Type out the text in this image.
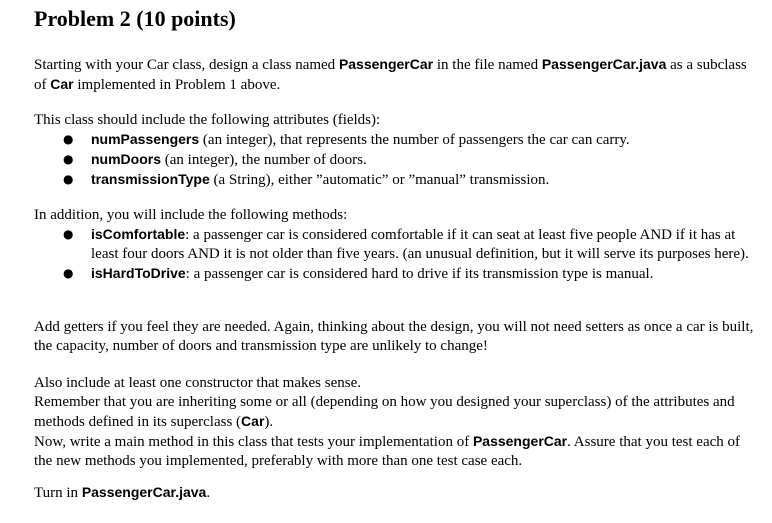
Problem 2 (10 points)

Starting with your Car class, design a class named PassengerCar in the file named PassengerCar.java as a subclass of Car implemented in Problem 1 above.

This class should include the following attributes (fields):

● numPassengers (an integer), that represents the number of passengers the car can carry.
● numDoors (an integer), the number of doors.
● transmissionType (a String), either ”automatic” or ”manual” transmission.

In addition, you will include the following methods:

● isComfortable: a passenger car is considered comfortable if it can seat at least five people AND if it has at least four doors AND it is not older than five years. (an unusual definition, but it will serve its purposes here).
● isHardToDrive: a passenger car is considered hard to drive if its transmission type is manual.

Add getters if you feel they are needed. Again, thinking about the design, you will not need setters as once a car is built, the capacity, number of doors and transmission type are unlikely to change!

Also include at least one constructor that makes sense.
Remember that you are inheriting some or all (depending on how you designed your superclass) of the attributes and methods defined in its superclass (Car).
Now, write a main method in this class that tests your implementation of PassengerCar. Assure that you test each of the new methods you implemented, preferably with more than one test case each.

Turn in PassengerCar.java.
